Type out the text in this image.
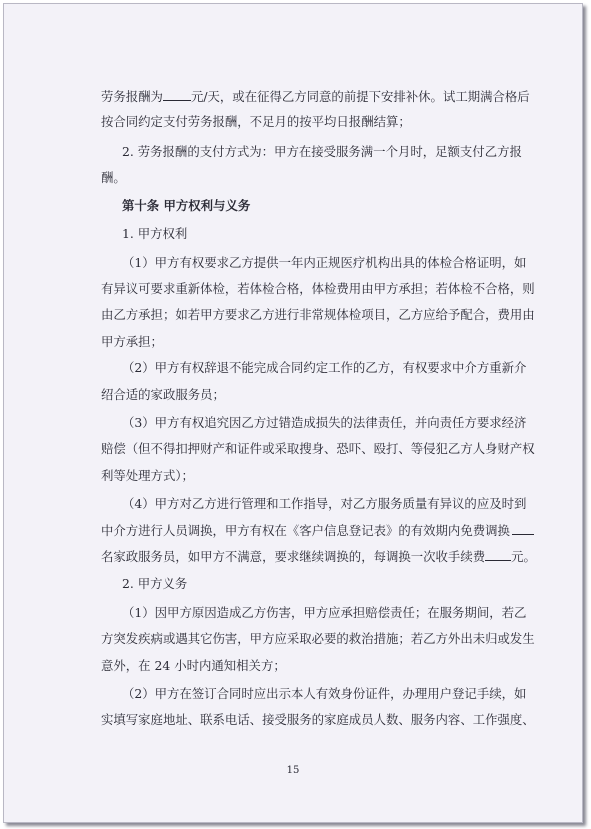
劳务报酬为 元/天，或在征得乙方同意的前提下安排补休。试工期满合格后
按合同约定支付劳务报酬，不足月的按平均日报酬结算；
2. 劳务报酬的支付方式为：甲方在接受服务满一个月时，足额支付乙方报
酬。
第十条 甲方权利与义务
1. 甲方权利
（1）甲方有权要求乙方提供一年内正规医疗机构出具的体检合格证明，如
有异议可要求重新体检，若体检合格，体检费用由甲方承担；若体检不合格，则
由乙方承担；如若甲方要求乙方进行非常规体检项目，乙方应给予配合，费用由
甲方承担；
（2）甲方有权辞退不能完成合同约定工作的乙方，有权要求中介方重新介
绍合适的家政服务员；
（3）甲方有权追究因乙方过错造成损失的法律责任，并向责任方要求经济
赔偿（但不得扣押财产和证件或采取搜身、恐吓、殴打、等侵犯乙方人身财产权
利等处理方式）；
（4）甲方对乙方进行管理和工作指导，对乙方服务质量有异议的应及时到
中介方进行人员调换，甲方有权在《客户信息登记表》的有效期内免费调换
名家政服务员，如甲方不满意，要求继续调换的，每调换一次收手续费 元。
2. 甲方义务
（1）因甲方原因造成乙方伤害，甲方应承担赔偿责任；在服务期间，若乙
方突发疾病或遇其它伤害，甲方应采取必要的救治措施；若乙方外出未归或发生
意外，在 24 小时内通知相关方；
（2）甲方在签订合同时应出示本人有效身份证件，办理用户登记手续，如
实填写家庭地址、联系电话、接受服务的家庭成员人数、服务内容、工作强度、
15
